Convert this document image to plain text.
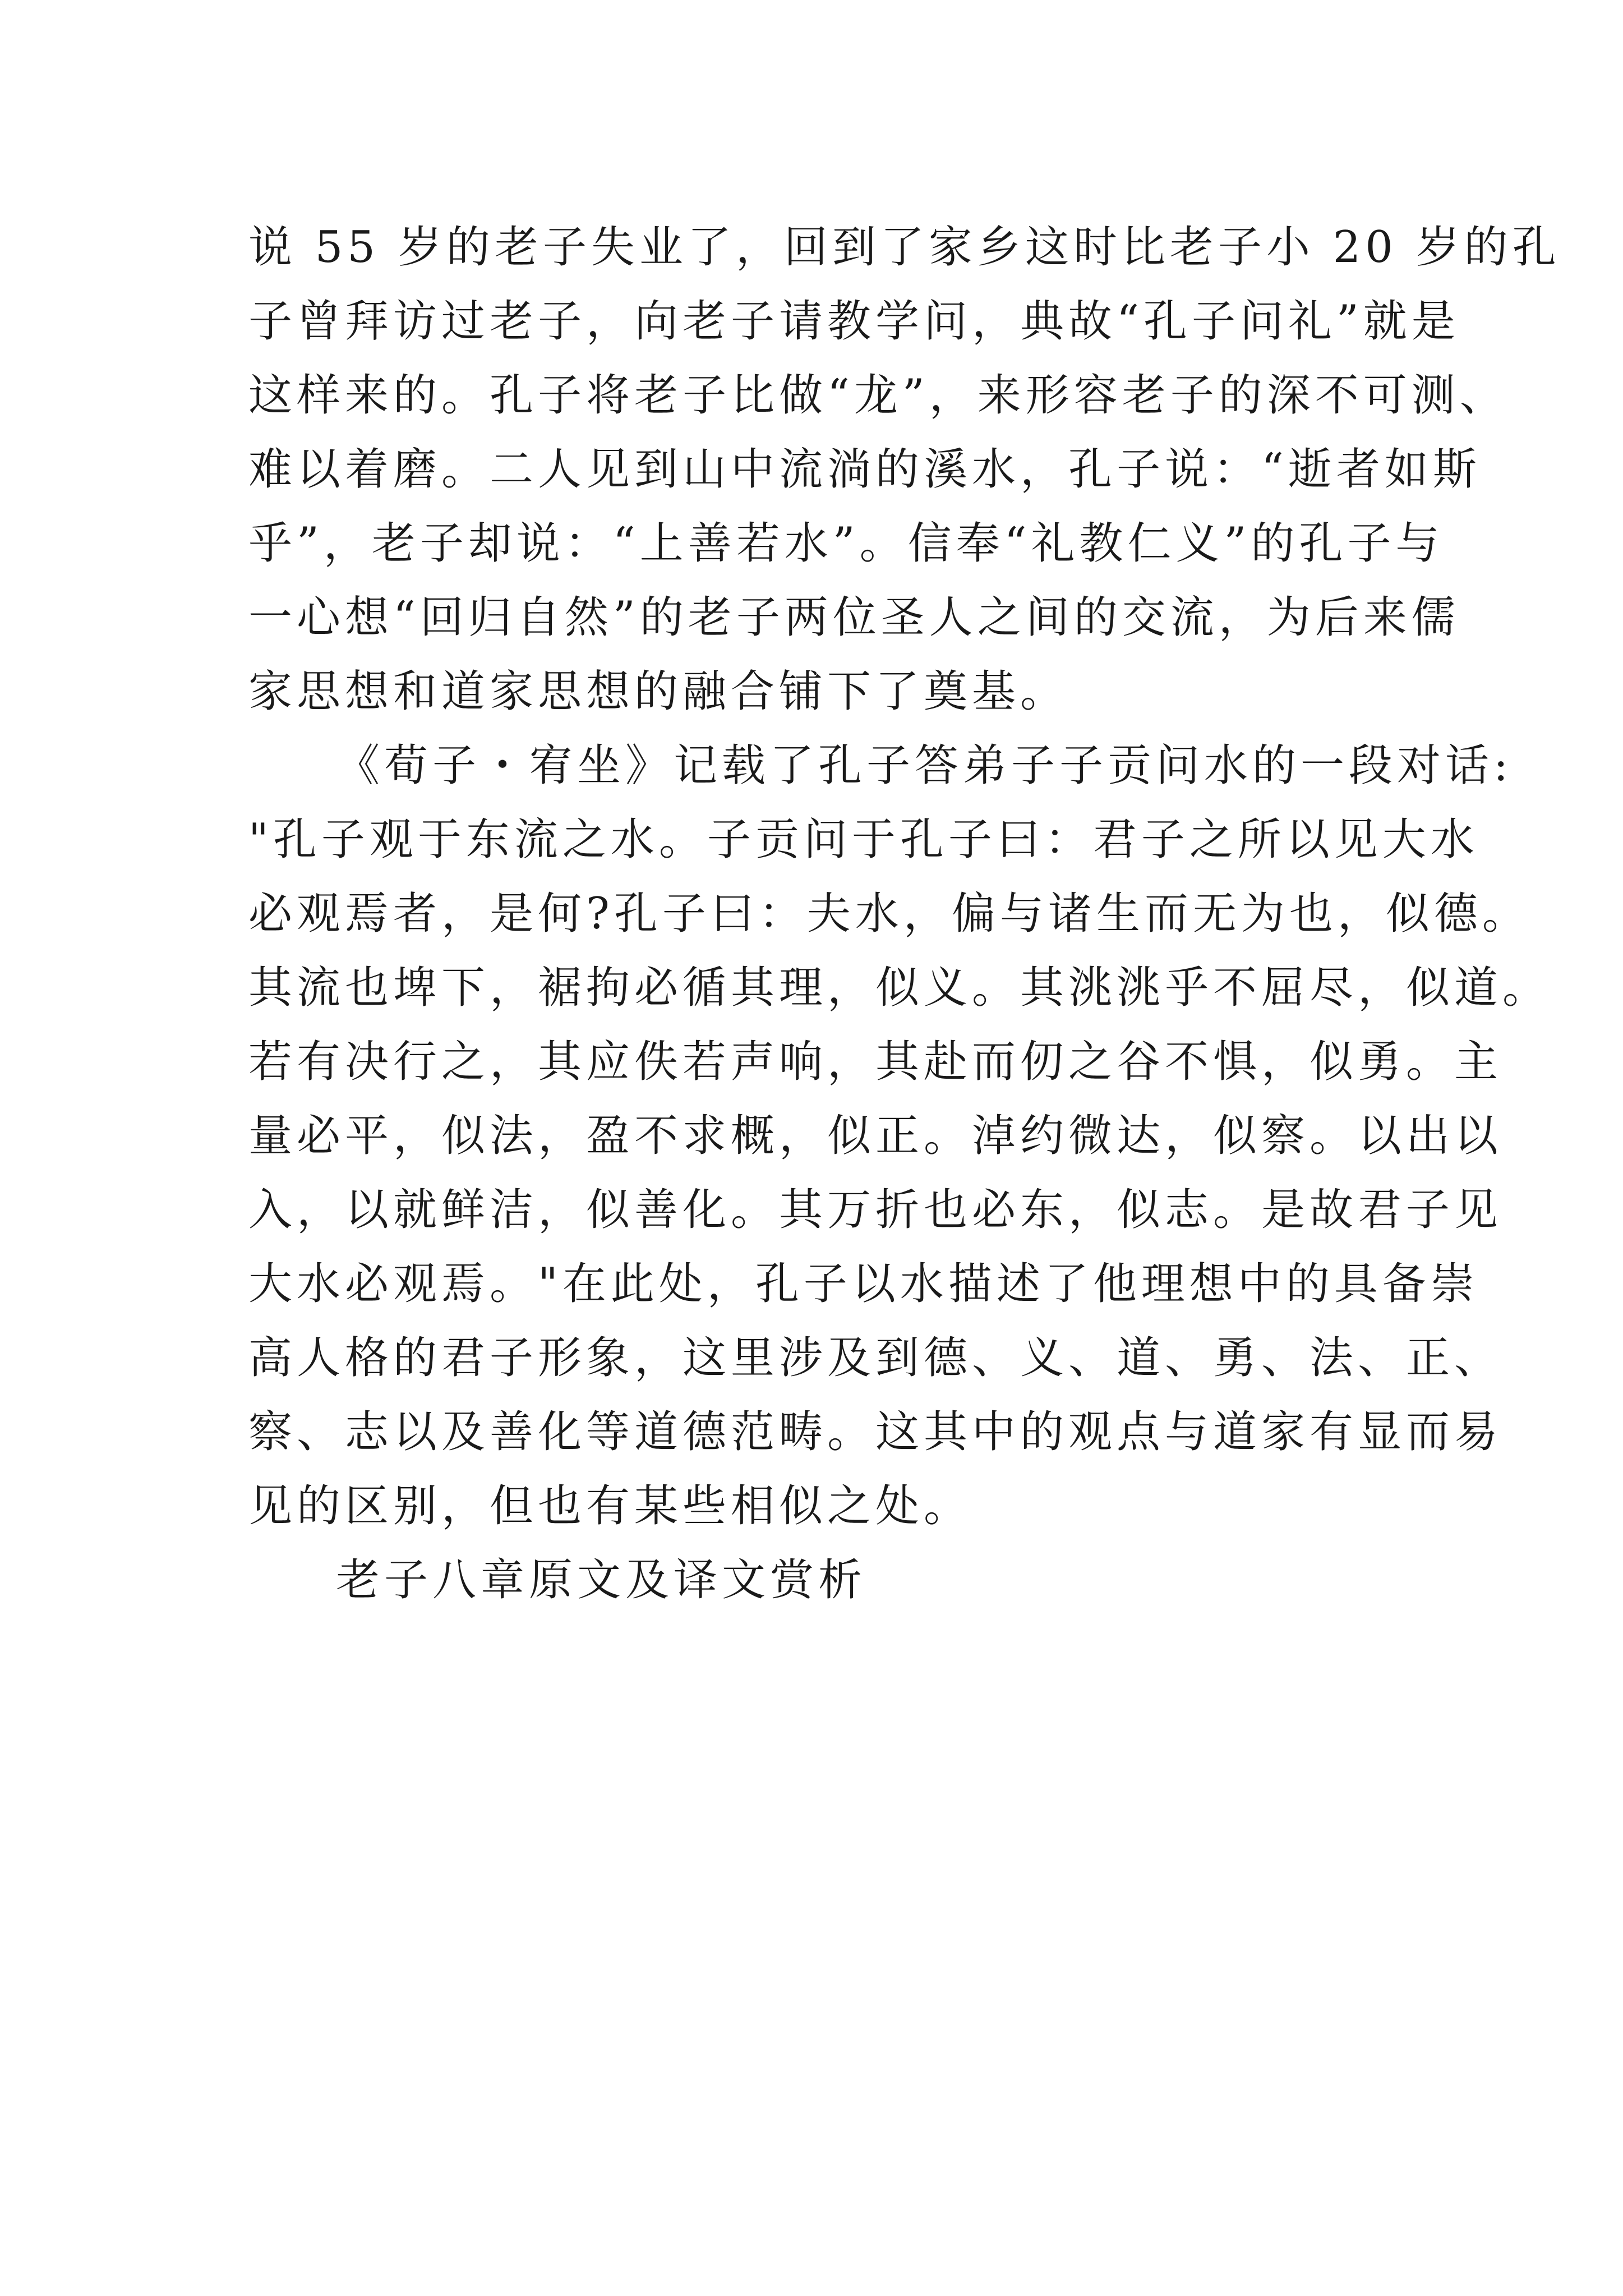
说 55 岁的老子失业了，回到了家乡这时比老子小 20 岁的孔
子曾拜访过老子，向老子请教学问，典故“孔子问礼”就是
这样来的。孔子将老子比做“龙”，来形容老子的深不可测、
难以着磨。二人见到山中流淌的溪水，孔子说：“逝者如斯
乎”，老子却说：“上善若水”。信奉“礼教仁义”的孔子与
一心想“回归自然”的老子两位圣人之间的交流，为后来儒
家思想和道家思想的融合铺下了奠基。
《荀子・宥坐》记载了孔子答弟子子贡问水的一段对话:
"孔子观于东流之水。子贡问于孔子曰：君子之所以见大水
必观焉者，是何?孔子曰：夫水，偏与诸生而无为也，似德。
其流也埤下，裾拘必循其理，似义。其洮洮乎不屈尽，似道。
若有决行之，其应佚若声响，其赴而仞之谷不惧，似勇。主
量必平，似法，盈不求概，似正。淖约微达，似察。以出以
入，以就鲜洁，似善化。其万折也必东，似志。是故君子见
大水必观焉。"在此处，孔子以水描述了他理想中的具备崇
高人格的君子形象，这里涉及到德、义、道、勇、法、正、
察、志以及善化等道德范畴。这其中的观点与道家有显而易
见的区别，但也有某些相似之处。
老子八章原文及译文赏析
